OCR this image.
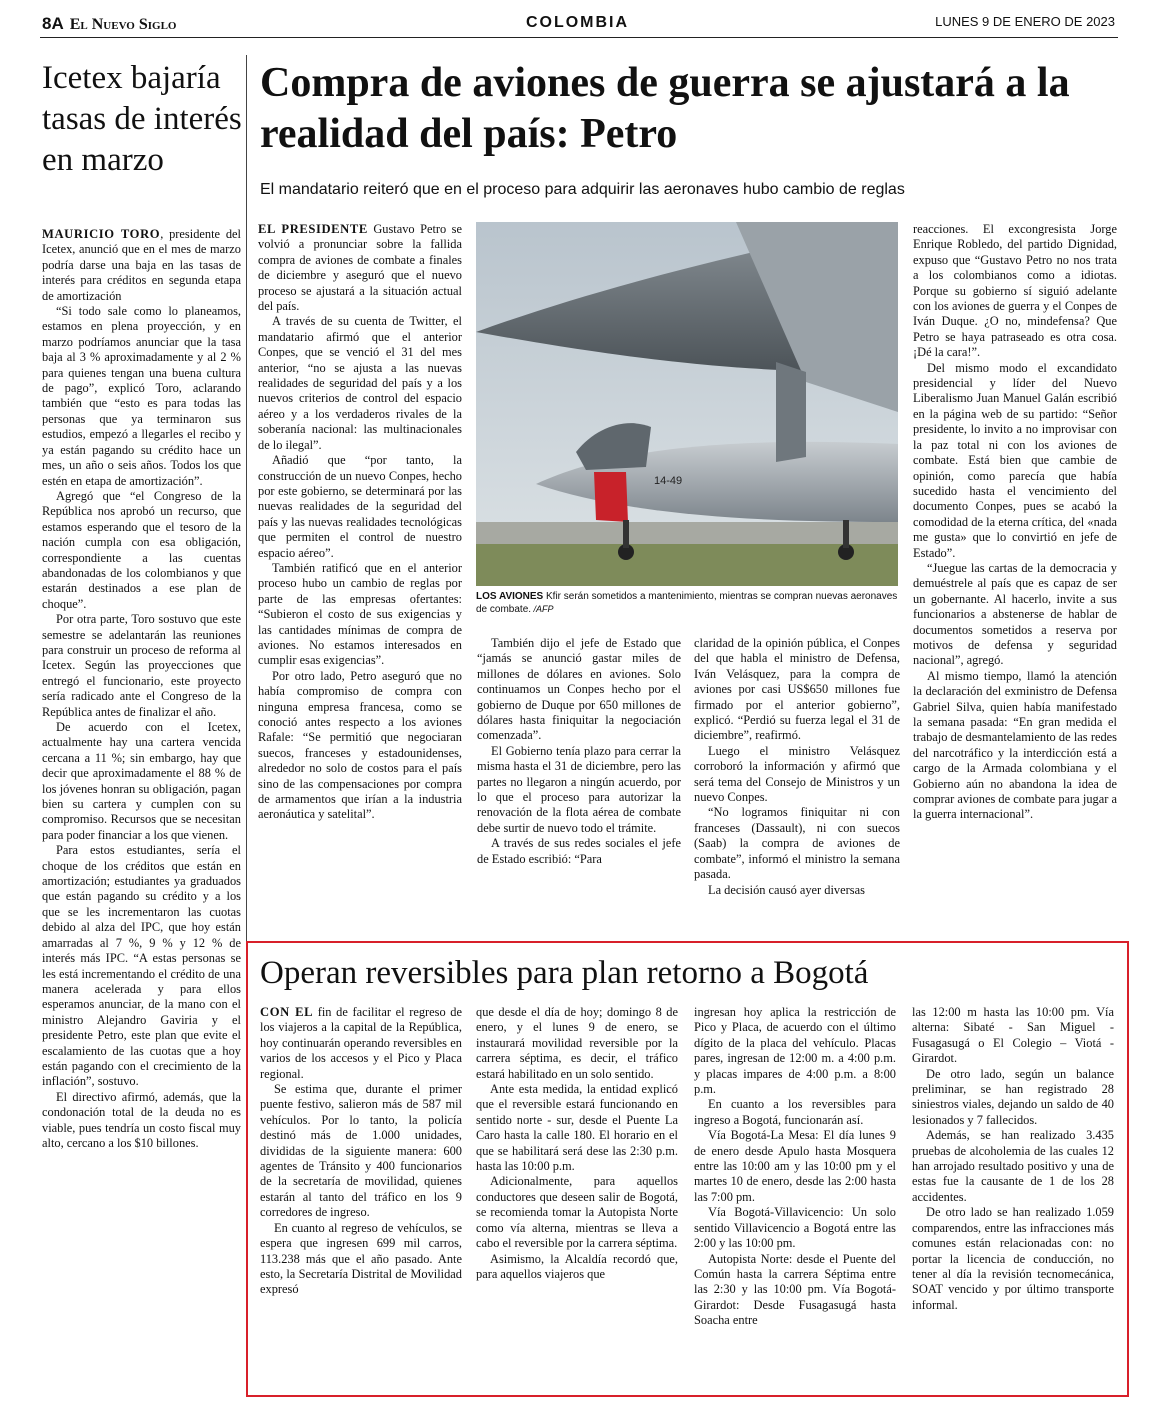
8A El Nuevo Siglo	COLOMBIA	LUNES 9 DE ENERO DE 2023
Icetex bajaría tasas de interés en marzo

MAURICIO TORO, presidente del Icetex, anunció que en el mes de marzo podría darse una baja en las tasas de interés para créditos en segunda etapa de amortización

“Si todo sale como lo planeamos, estamos en plena proyección, y en marzo podríamos anunciar que la tasa baja al 3 % aproximadamente y al 2 % para quienes tengan una buena cultura de pago”, explicó Toro, aclarando también que “esto es para todas las personas que ya terminaron sus estudios, empezó a llegarles el recibo y ya están pagando su crédito hace un mes, un año o seis años. Todos los que estén en etapa de amortización”.

Agregó que “el Congreso de la República nos aprobó un recurso, que estamos esperando que el tesoro de la nación cumpla con esa obligación, correspondiente a las cuentas abandonadas de los colombianos y que estarán destinados a ese plan de choque”.

Por otra parte, Toro sostuvo que este semestre se adelantarán las reuniones para construir un proceso de reforma al Icetex. Según las proyecciones que entregó el funcionario, este proyecto sería radicado ante el Congreso de la República antes de finalizar el año.

De acuerdo con el Icetex, actualmente hay una cartera vencida cercana a 11 %; sin embargo, hay que decir que aproximadamente el 88 % de los jóvenes honran su obligación, pagan bien su cartera y cumplen con su compromiso. Recursos que se necesitan para poder financiar a los que vienen.

Para estos estudiantes, sería el choque de los créditos que están en amortización; estudiantes ya graduados que están pagando su crédito y a los que se les incrementaron las cuotas debido al alza del IPC, que hoy están amarradas al 7 %, 9 % y 12 % de interés más IPC. “A estas personas se les está incrementando el crédito de una manera acelerada y para ellos esperamos anunciar, de la mano con el ministro Alejandro Gaviria y el presidente Petro, este plan que evite el escalamiento de las cuotas que a hoy están pagando con el crecimiento de la inflación”, sostuvo.

El directivo afirmó, además, que la condonación total de la deuda no es viable, pues tendría un costo fiscal muy alto, cercano a los $10 billones.

Compra de aviones de guerra se ajustará a la realidad del país: Petro
El mandatario reiteró que en el proceso para adquirir las aeronaves hubo cambio de reglas

EL PRESIDENTE Gustavo Petro se volvió a pronunciar sobre la fallida compra de aviones de combate a finales de diciembre y aseguró que el nuevo proceso se ajustará a la situación actual del país.

A través de su cuenta de Twitter, el mandatario afirmó que el anterior Conpes, que se venció el 31 del mes anterior, “no se ajusta a las nuevas realidades de seguridad del país y a los nuevos criterios de control del espacio aéreo y a los verdaderos rivales de la soberanía nacional: las multinacionales de lo ilegal”.

Añadió que “por tanto, la construcción de un nuevo Conpes, hecho por este gobierno, se determinará por las nuevas realidades de la seguridad del país y las nuevas realidades tecnológicas que permiten el control de nuestro espacio aéreo”.

También ratificó que en el anterior proceso hubo un cambio de reglas por parte de las empresas ofertantes: “Subieron el costo de sus exigencias y las cantidades mínimas de compra de aviones. No estamos interesados en cumplir esas exigencias”.

Por otro lado, Petro aseguró que no había compromiso de compra con ninguna empresa francesa, como se conoció antes respecto a los aviones Rafale: “Se permitió que negociaran suecos, franceses y estadounidenses, alrededor no solo de costos para el país sino de las compensaciones por compra de armamentos que irían a la industria aeronáutica y satelital”.

14-49
LOS AVIONES Kfir serán sometidos a mantenimiento, mientras se compran nuevas aeronaves de combate. /AFP

También dijo el jefe de Estado que “jamás se anunció gastar miles de millones de dólares en aviones. Solo continuamos un Conpes hecho por el gobierno de Duque por 650 millones de dólares hasta finiquitar la negociación comenzada”.

El Gobierno tenía plazo para cerrar la misma hasta el 31 de diciembre, pero las partes no llegaron a ningún acuerdo, por lo que el proceso para autorizar la renovación de la flota aérea de combate debe surtir de nuevo todo el trámite.

A través de sus redes sociales el jefe de Estado escribió: “Para

claridad de la opinión pública, el Conpes del que habla el ministro de Defensa, Iván Velásquez, para la compra de aviones por casi US$650 millones fue firmado por el anterior gobierno”, explicó. “Perdió su fuerza legal el 31 de diciembre”, reafirmó.

Luego el ministro Velásquez corroboró la información y afirmó que será tema del Consejo de Ministros y un nuevo Conpes.

“No logramos finiquitar ni con franceses (Dassault), ni con suecos (Saab) la compra de aviones de combate”, informó el ministro la semana pasada.

La decisión causó ayer diversas

reacciones. El excongresista Jorge Enrique Robledo, del partido Dignidad, expuso que “Gustavo Petro no nos trata a los colombianos como a idiotas. Porque su gobierno sí siguió adelante con los aviones de guerra y el Conpes de Iván Duque. ¿O no, mindefensa? Que Petro se haya patraseado es otra cosa. ¡Dé la cara!”.

Del mismo modo el excandidato presidencial y líder del Nuevo Liberalismo Juan Manuel Galán escribió en la página web de su partido: “Señor presidente, lo invito a no improvisar con la paz total ni con los aviones de combate. Está bien que cambie de opinión, como parecía que había sucedido hasta el vencimiento del documento Conpes, pues se acabó la comodidad de la eterna crítica, del «nada me gusta» que lo convirtió en jefe de Estado”.

“Juegue las cartas de la democracia y demuéstrele al país que es capaz de ser un gobernante. Al hacerlo, invite a sus funcionarios a abstenerse de hablar de documentos sometidos a reserva por motivos de defensa y seguridad nacional”, agregó.

Al mismo tiempo, llamó la atención la declaración del exministro de Defensa Gabriel Silva, quien había manifestado la semana pasada: “En gran medida el trabajo de desmantelamiento de las redes del narcotráfico y la interdicción está a cargo de la Armada colombiana y el Gobierno aún no abandona la idea de comprar aviones de combate para jugar a la guerra internacional”.

Operan reversibles para plan retorno a Bogotá

CON EL fin de facilitar el regreso de los viajeros a la capital de la República, hoy continuarán operando reversibles en varios de los accesos y el Pico y Placa regional.

Se estima que, durante el primer puente festivo, salieron más de 587 mil vehículos. Por lo tanto, la policía destinó más de 1.000 unidades, divididas de la siguiente manera: 600 agentes de Tránsito y 400 funcionarios de la secretaría de movilidad, quienes estarán al tanto del tráfico en los 9 corredores de ingreso.

En cuanto al regreso de vehículos, se espera que ingresen 699 mil carros, 113.238 más que el año pasado. Ante esto, la Secretaría Distrital de Movilidad expresó

que desde el día de hoy; domingo 8 de enero, y el lunes 9 de enero, se instaurará movilidad reversible por la carrera séptima, es decir, el tráfico estará habilitado en un solo sentido.

Ante esta medida, la entidad explicó que el reversible estará funcionando en sentido norte - sur, desde el Puente La Caro hasta la calle 180. El horario en el que se habilitará será dese las 2:30 p.m. hasta las 10:00 p.m.

Adicionalmente, para aquellos conductores que deseen salir de Bogotá, se recomienda tomar la Autopista Norte como vía alterna, mientras se lleva a cabo el reversible por la carrera séptima.

Asimismo, la Alcaldía recordó que, para aquellos viajeros que

ingresan hoy aplica la restricción de Pico y Placa, de acuerdo con el último dígito de la placa del vehículo. Placas pares, ingresan de 12:00 m. a 4:00 p.m. y placas impares de 4:00 p.m. a 8:00 p.m.

En cuanto a los reversibles para ingreso a Bogotá, funcionarán así.

Vía Bogotá-La Mesa: El día lunes 9 de enero desde Apulo hasta Mosquera entre las 10:00 am y las 10:00 pm y el martes 10 de enero, desde las 2:00 hasta las 7:00 pm.

Vía Bogotá-Villavicencio: Un solo sentido Villavicencio a Bogotá entre las 2:00 y las 10:00 pm.

Autopista Norte: desde el Puente del Común hasta la carrera Séptima entre las 2:30 y las 10:00 pm. Vía Bogotá-Girardot: Desde Fusagasugá hasta Soacha entre

las 12:00 m hasta las 10:00 pm. Vía alterna: Sibaté - San Miguel - Fusagasugá o El Colegio – Viotá - Girardot.

De otro lado, según un balance preliminar, se han registrado 28 siniestros viales, dejando un saldo de 40 lesionados y 7 fallecidos.

Además, se han realizado 3.435 pruebas de alcoholemia de las cuales 12 han arrojado resultado positivo y una de estas fue la causante de 1 de los 28 accidentes.

De otro lado se han realizado 1.059 comparendos, entre las infracciones más comunes están relacionadas con: no portar la licencia de conducción, no tener al día la revisión tecnomecánica, SOAT vencido y por último transporte informal.
